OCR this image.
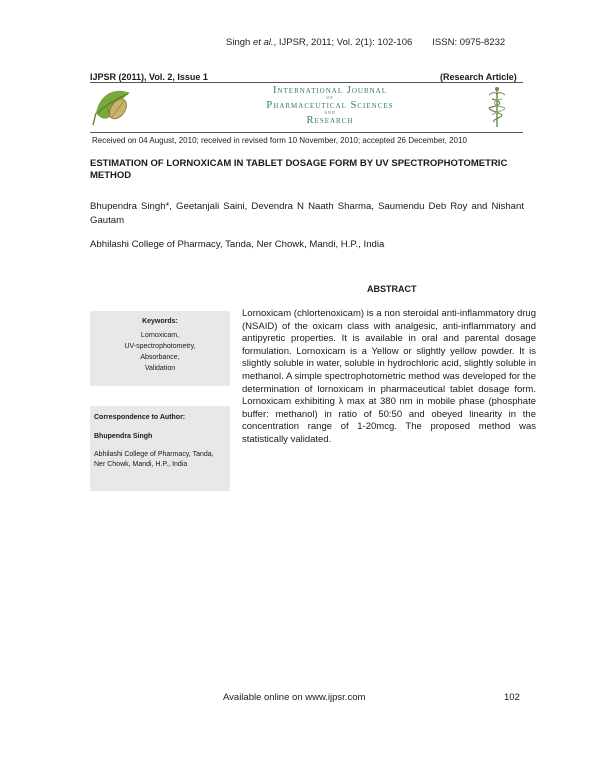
Singh et al., IJPSR, 2011; Vol. 2(1): 102-106 ISSN: 0975-8232
IJPSR (2011), Vol. 2, Issue 1	(Research Article)
International Journal
of
Pharmaceutical Sciences
and
Research
Received on 04 August, 2010; received in revised form 10 November, 2010; accepted 26 December, 2010
ESTIMATION OF LORNOXICAM IN TABLET DOSAGE FORM BY UV SPECTROPHOTOMETRIC METHOD
Bhupendra Singh*, Geetanjali Saini, Devendra N Naath Sharma, Saumendu Deb Roy and Nishant Gautam
Abhilashi College of Pharmacy, Tanda, Ner Chowk, Mandi, H.P., India
ABSTRACT
Keywords:
Lornoxicam,
UV-spectrophotometry,
Absorbance,
Validation
Correspondence to Author:
Bhupendra Singh
Abhilashi College of Pharmacy, Tanda, Ner Chowk, Mandi, H.P., India
Lornoxicam (chlortenoxicam) is a non steroidal anti-inflammatory drug (NSAID) of the oxicam class with analgesic, anti-inflammatory and antipyretic properties. It is available in oral and parental dosage formulation. Lornoxicam is a Yellow or slightly yellow powder. It is slightly soluble in water, soluble in hydrochloric acid, slightly soluble in methanol. A simple spectrophotometric method was developed for the determination of lornoxicam in pharmaceutical tablet dosage form. Lornoxicam exhibiting λ max at 380 nm in mobile phase (phosphate buffer: methanol) in ratio of 50:50 and obeyed linearity in the concentration range of 1-20mcg. The proposed method was statistically validated.
Available online on www.ijpsr.com	102
